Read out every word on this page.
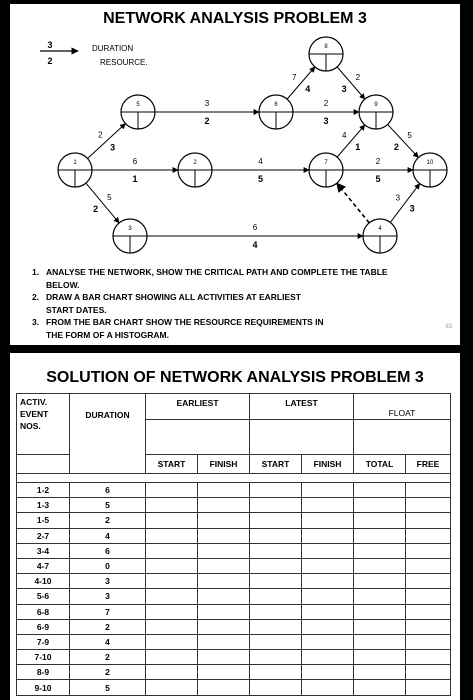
NETWORK ANALYSIS PROBLEM 3
3
2
DURATION
RESOURCE.
2
3
6
1
5
2
3
2
7
4
2
3
2
3
4
5
4
1
2
5
5
2
6
4
3
3
1	2
3	4
5	6
7
8
9
10
1. ANALYSE THE NETWORK, SHOW THE CRITICAL PATH AND COMPLETE THE TABLE
BELOW.
2. DRAW A BAR CHART SHOWING ALL ACTIVITIES AT EARLIEST
START DATES.
3. FROM THE BAR CHART SHOW THE RESOURCE REQUIREMENTS IN
THE FORM OF A HISTOGRAM.
83
SOLUTION OF NETWORK ANALYSIS PROBLEM 3
ACTIV. EVENT NOS.	DURATION	EARLIEST		LATEST		FLOAT	

		START	FINISH	START	FINISH	TOTAL	FREE

1-2	6						
1-3	5						
1-5	2						
2-7	4						
3-4	6						
4-7	0						
4-10	3						
5-6	3						
6-8	7						
6-9	2						
7-9	4						
7-10	2						
8-9	2						
9-10	5						
